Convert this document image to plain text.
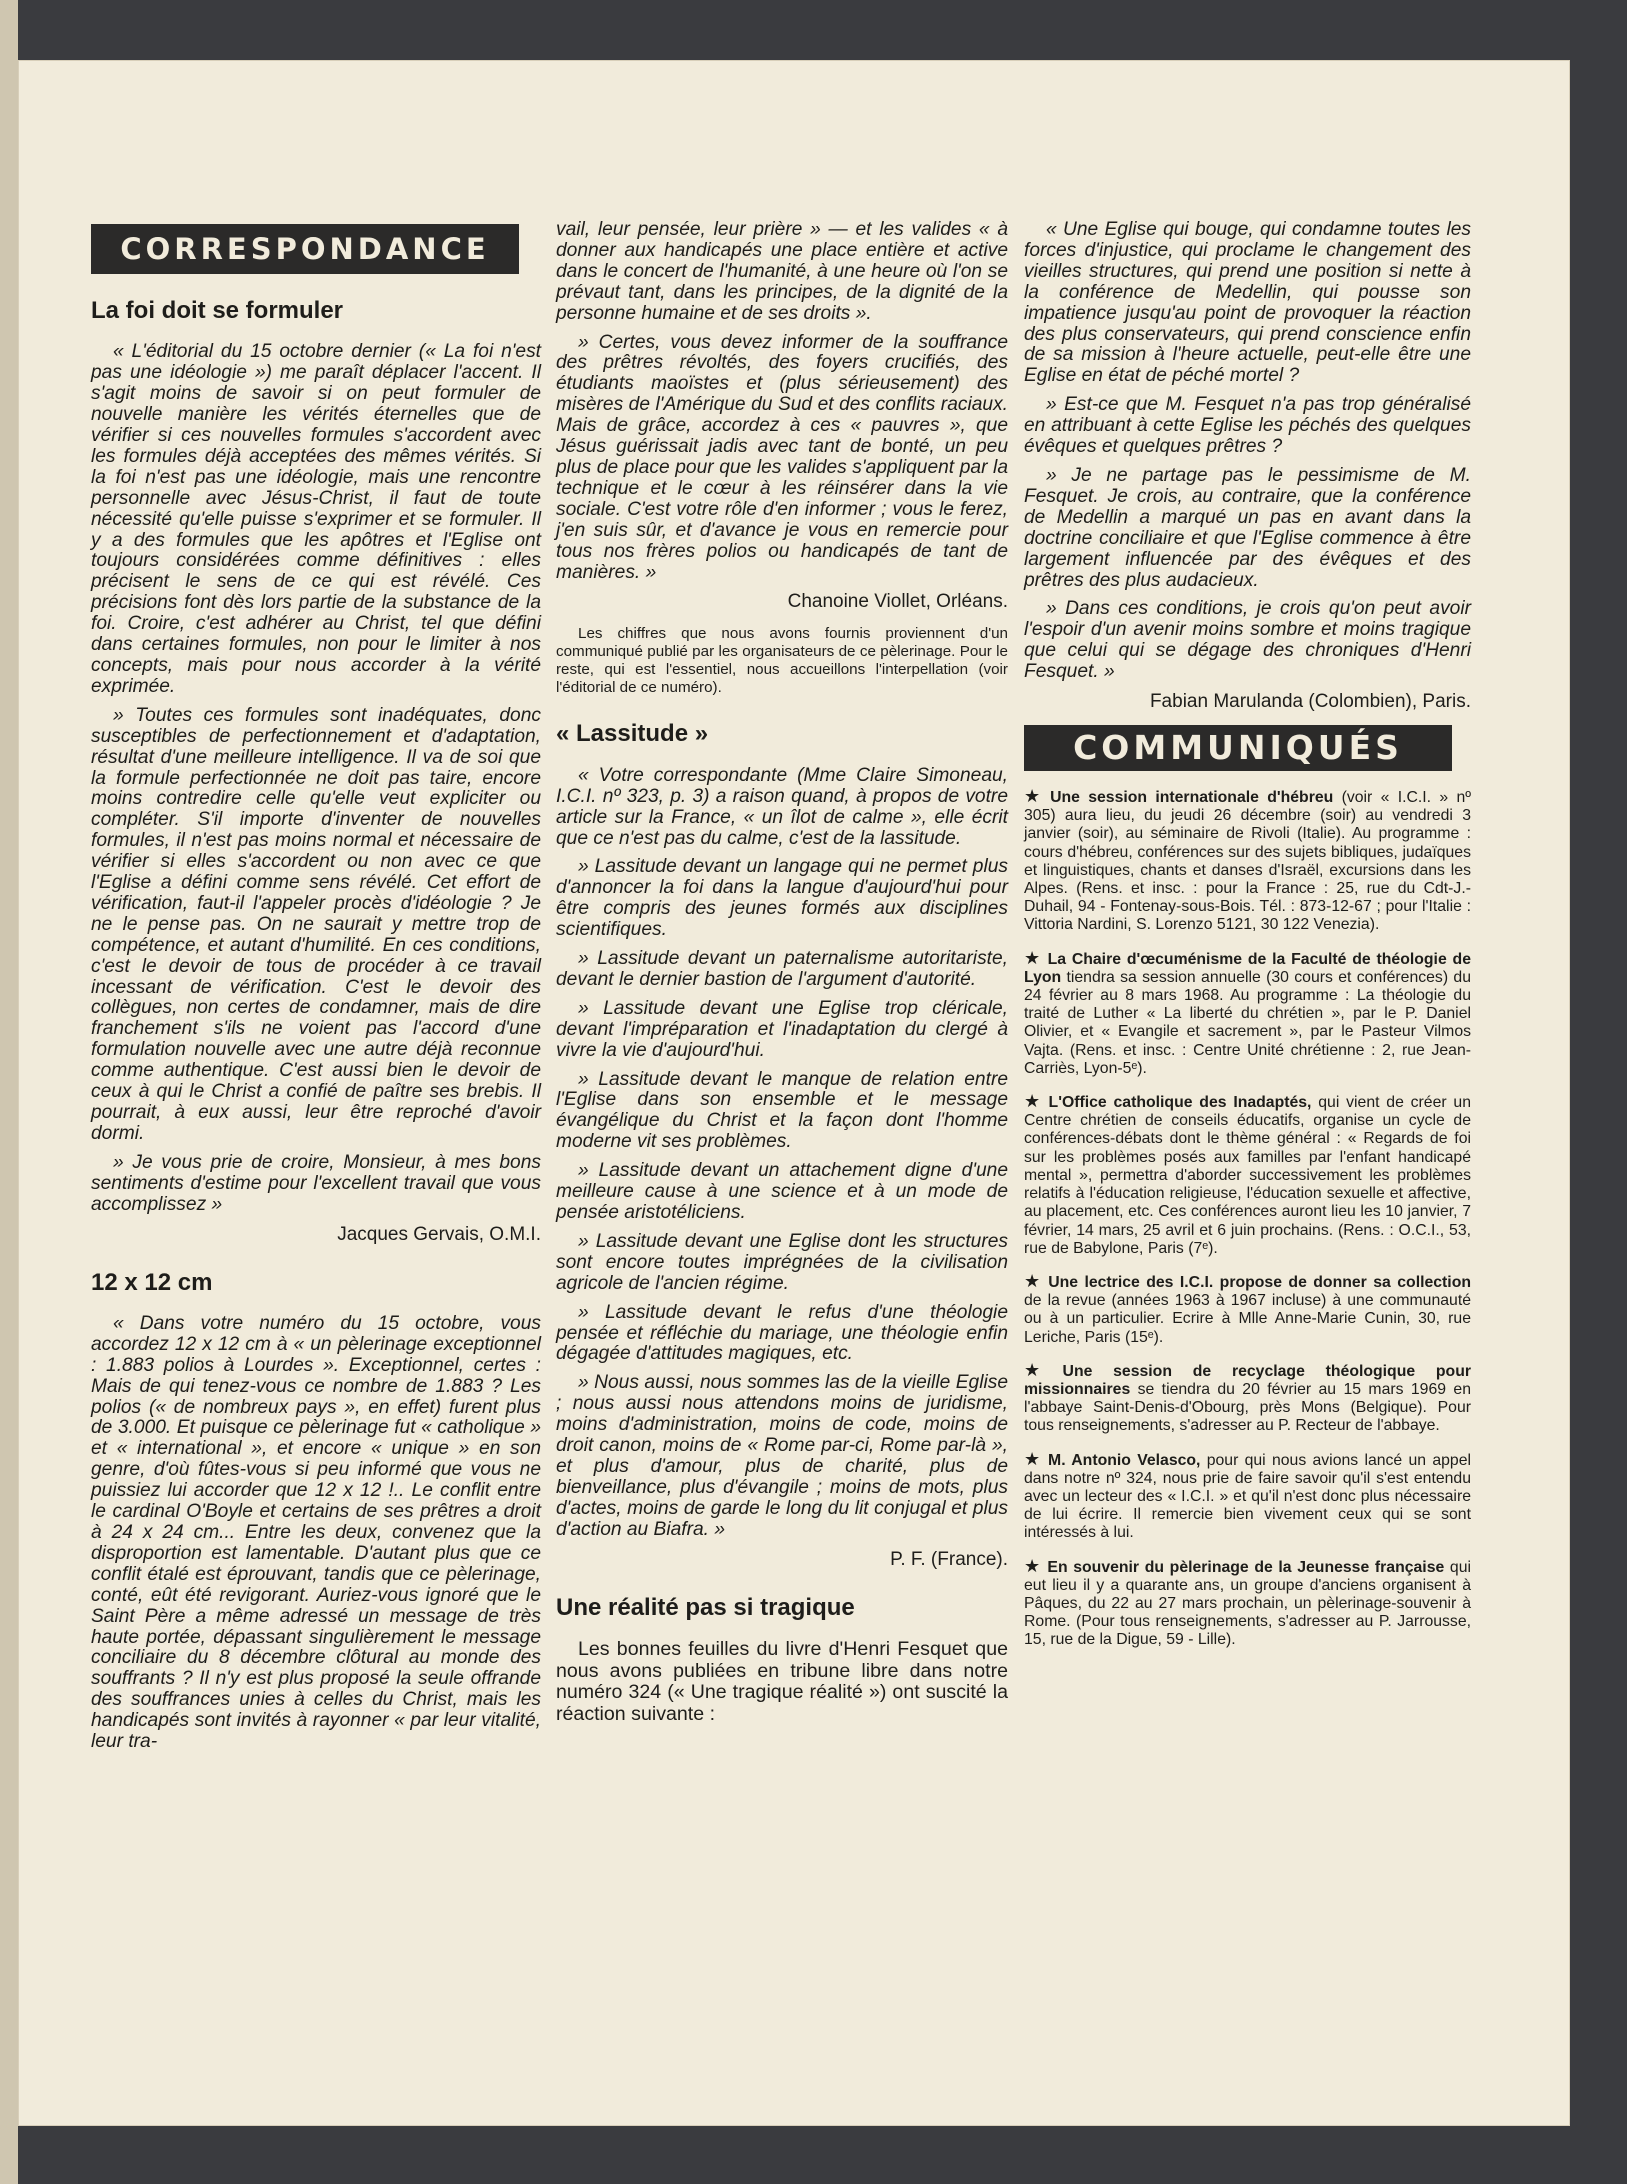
CORRESPONDANCE
La foi doit se formuler

« L'éditorial du 15 octobre dernier (« La foi n'est pas une idéologie ») me paraît déplacer l'accent. Il s'agit moins de savoir si on peut formuler de nouvelle manière les vérités éternelles que de vérifier si ces nouvelles formules s'accordent avec les formules déjà acceptées des mêmes vérités. Si la foi n'est pas une idéologie, mais une rencontre personnelle avec Jésus-Christ, il faut de toute nécessité qu'elle puisse s'exprimer et se formuler. Il y a des formules que les apôtres et l'Eglise ont toujours considérées comme définitives : elles précisent le sens de ce qui est révélé. Ces précisions font dès lors partie de la substance de la foi. Croire, c'est adhérer au Christ, tel que défini dans certaines formules, non pour le limiter à nos concepts, mais pour nous accorder à la vérité exprimée.

» Toutes ces formules sont inadéquates, donc susceptibles de perfectionnement et d'adaptation, résultat d'une meilleure intelligence. Il va de soi que la formule perfectionnée ne doit pas taire, encore moins contredire celle qu'elle veut expliciter ou compléter. S'il importe d'inventer de nouvelles formules, il n'est pas moins normal et nécessaire de vérifier si elles s'accordent ou non avec ce que l'Eglise a défini comme sens révélé. Cet effort de vérification, faut-il l'appeler procès d'idéologie ? Je ne le pense pas. On ne saurait y mettre trop de compétence, et autant d'humilité. En ces conditions, c'est le devoir de tous de procéder à ce travail incessant de vérification. C'est le devoir des collègues, non certes de condamner, mais de dire franchement s'ils ne voient pas l'accord d'une formulation nouvelle avec une autre déjà reconnue comme authentique. C'est aussi bien le devoir de ceux à qui le Christ a confié de paître ses brebis. Il pourrait, à eux aussi, leur être reproché d'avoir dormi.

» Je vous prie de croire, Monsieur, à mes bons sentiments d'estime pour l'excellent travail que vous accomplissez »

Jacques Gervais, O.M.I.
12 x 12 cm

« Dans votre numéro du 15 octobre, vous accordez 12 x 12 cm à « un pèlerinage exceptionnel : 1.883 polios à Lourdes ». Exceptionnel, certes : Mais de qui tenez-vous ce nombre de 1.883 ? Les polios (« de nombreux pays », en effet) furent plus de 3.000. Et puisque ce pèlerinage fut « catholique » et « international », et encore « unique » en son genre, d'où fûtes-vous si peu informé que vous ne puissiez lui accorder que 12 x 12 !.. Le conflit entre le cardinal O'Boyle et certains de ses prêtres a droit à 24 x 24 cm... Entre les deux, convenez que la disproportion est lamentable. D'autant plus que ce conflit étalé est éprouvant, tandis que ce pèlerinage, conté, eût été revigorant. Auriez-vous ignoré que le Saint Père a même adressé un message de très haute portée, dépassant singulièrement le message conciliaire du 8 décembre clôtural au monde des souffrants ? Il n'y est plus proposé la seule offrande des souffrances unies à celles du Christ, mais les handicapés sont invités à rayonner « par leur vitalité, leur tra-

vail, leur pensée, leur prière » — et les valides « à donner aux handicapés une place entière et active dans le concert de l'humanité, à une heure où l'on se prévaut tant, dans les principes, de la dignité de la personne humaine et de ses droits ».

» Certes, vous devez informer de la souffrance des prêtres révoltés, des foyers crucifiés, des étudiants maoïstes et (plus sérieusement) des misères de l'Amérique du Sud et des conflits raciaux. Mais de grâce, accordez à ces « pauvres », que Jésus guérissait jadis avec tant de bonté, un peu plus de place pour que les valides s'appliquent par la technique et le cœur à les réinsérer dans la vie sociale. C'est votre rôle d'en informer ; vous le ferez, j'en suis sûr, et d'avance je vous en remercie pour tous nos frères polios ou handicapés de tant de manières. »

Chanoine Viollet, Orléans.
Les chiffres que nous avons fournis proviennent d'un communiqué publié par les organisateurs de ce pèlerinage. Pour le reste, qui est l'essentiel, nous accueillons l'interpellation (voir l'éditorial de ce numéro).
« Lassitude »

« Votre correspondante (Mme Claire Simoneau, I.C.I. nº 323, p. 3) a raison quand, à propos de votre article sur la France, « un îlot de calme », elle écrit que ce n'est pas du calme, c'est de la lassitude.

» Lassitude devant un langage qui ne permet plus d'annoncer la foi dans la langue d'aujourd'hui pour être compris des jeunes formés aux disciplines scientifiques.

» Lassitude devant un paternalisme autoritariste, devant le dernier bastion de l'argument d'autorité.

» Lassitude devant une Eglise trop cléricale, devant l'impréparation et l'inadaptation du clergé à vivre la vie d'aujourd'hui.

» Lassitude devant le manque de relation entre l'Eglise dans son ensemble et le message évangélique du Christ et la façon dont l'homme moderne vit ses problèmes.

» Lassitude devant un attachement digne d'une meilleure cause à une science et à un mode de pensée aristotéliciens.

» Lassitude devant une Eglise dont les structures sont encore toutes imprégnées de la civilisation agricole de l'ancien régime.

» Lassitude devant le refus d'une théologie pensée et réfléchie du mariage, une théologie enfin dégagée d'attitudes magiques, etc.

» Nous aussi, nous sommes las de la vieille Eglise ; nous aussi nous attendons moins de juridisme, moins d'administration, moins de code, moins de droit canon, moins de « Rome par-ci, Rome par-là », et plus d'amour, plus de charité, plus de bienveillance, plus d'évangile ; moins de mots, plus d'actes, moins de garde le long du lit conjugal et plus d'action au Biafra. »

P. F. (France).
Une réalité pas si tragique

Les bonnes feuilles du livre d'Henri Fesquet que nous avons publiées en tribune libre dans notre numéro 324 (« Une tragique réalité ») ont suscité la réaction suivante :

« Une Eglise qui bouge, qui condamne toutes les forces d'injustice, qui proclame le changement des vieilles structures, qui prend une position si nette à la conférence de Medellin, qui pousse son impatience jusqu'au point de provoquer la réaction des plus conservateurs, qui prend conscience enfin de sa mission à l'heure actuelle, peut-elle être une Eglise en état de péché mortel ?

» Est-ce que M. Fesquet n'a pas trop généralisé en attribuant à cette Eglise les péchés des quelques évêques et quelques prêtres ?

» Je ne partage pas le pessimisme de M. Fesquet. Je crois, au contraire, que la conférence de Medellin a marqué un pas en avant dans la doctrine conciliaire et que l'Eglise commence à être largement influencée par des évêques et des prêtres des plus audacieux.

» Dans ces conditions, je crois qu'on peut avoir l'espoir d'un avenir moins sombre et moins tragique que celui qui se dégage des chroniques d'Henri Fesquet. »

Fabian Marulanda (Colombien), Paris.
COMMUNIQUÉS

★ Une session internationale d'hébreu (voir « I.C.I. » nº 305) aura lieu, du jeudi 26 décembre (soir) au vendredi 3 janvier (soir), au séminaire de Rivoli (Italie). Au programme : cours d'hébreu, conférences sur des sujets bibliques, judaïques et linguistiques, chants et danses d'Israël, excursions dans les Alpes. (Rens. et insc. : pour la France : 25, rue du Cdt-J.-Duhail, 94 - Fontenay-sous-Bois. Tél. : 873-12-67 ; pour l'Italie : Vittoria Nardini, S. Lorenzo 5121, 30 122 Venezia).

★ La Chaire d'œcuménisme de la Faculté de théologie de Lyon tiendra sa session annuelle (30 cours et conférences) du 24 février au 8 mars 1968. Au programme : La théologie du traité de Luther « La liberté du chrétien », par le P. Daniel Olivier, et « Evangile et sacrement », par le Pasteur Vilmos Vajta. (Rens. et insc. : Centre Unité chrétienne : 2, rue Jean-Carriès, Lyon-5ᵉ).

★ L'Office catholique des Inadaptés, qui vient de créer un Centre chrétien de conseils éducatifs, organise un cycle de conférences-débats dont le thème général : « Regards de foi sur les problèmes posés aux familles par l'enfant handicapé mental », permettra d'aborder successivement les problèmes relatifs à l'éducation religieuse, l'éducation sexuelle et affective, au placement, etc. Ces conférences auront lieu les 10 janvier, 7 février, 14 mars, 25 avril et 6 juin prochains. (Rens. : O.C.I., 53, rue de Babylone, Paris (7ᵉ).

★ Une lectrice des I.C.I. propose de donner sa collection de la revue (années 1963 à 1967 incluse) à une communauté ou à un particulier. Ecrire à Mlle Anne-Marie Cunin, 30, rue Leriche, Paris (15ᵉ).

★ Une session de recyclage théologique pour missionnaires se tiendra du 20 février au 15 mars 1969 en l'abbaye Saint-Denis-d'Obourg, près Mons (Belgique). Pour tous renseignements, s'adresser au P. Recteur de l'abbaye.

★ M. Antonio Velasco, pour qui nous avions lancé un appel dans notre nº 324, nous prie de faire savoir qu'il s'est entendu avec un lecteur des « I.C.I. » et qu'il n'est donc plus nécessaire de lui écrire. Il remercie bien vivement ceux qui se sont intéressés à lui.

★ En souvenir du pèlerinage de la Jeunesse française qui eut lieu il y a quarante ans, un groupe d'anciens organisent à Pâques, du 22 au 27 mars prochain, un pèlerinage-souvenir à Rome. (Pour tous renseignements, s'adresser au P. Jarrousse, 15, rue de la Digue, 59 - Lille).
